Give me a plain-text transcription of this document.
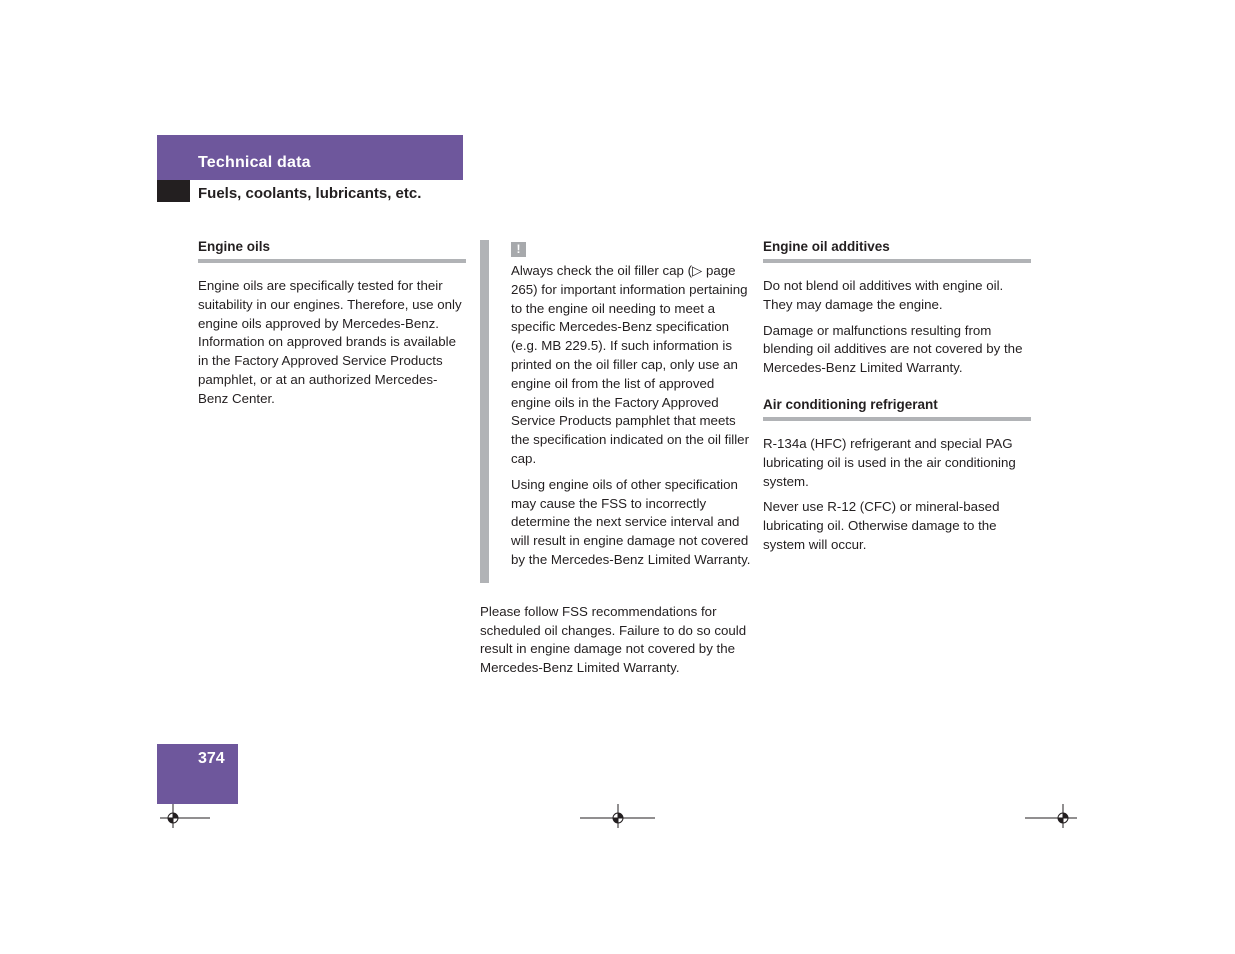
Technical data
Fuels, coolants, lubricants, etc.
Engine oils

Engine oils are specifically tested for their suitability in our engines. Therefore, use only engine oils approved by Mercedes-Benz. Information on approved brands is available in the Factory Approved Service Products pamphlet, or at an authorized Mercedes-Benz Center.

!

Always check the oil filler cap (▷ page 265) for important information pertaining to the engine oil needing to meet a specific Mercedes-Benz specification (e.g. MB 229.5). If such information is printed on the oil filler cap, only use an engine oil from the list of approved engine oils in the Factory Approved Service Products pamphlet that meets the specification indicated on the oil filler cap.

Using engine oils of other specification may cause the FSS to incorrectly determine the next service interval and will result in engine damage not covered by the Mercedes-Benz Limited Warranty.

Please follow FSS recommendations for scheduled oil changes. Failure to do so could result in engine damage not covered by the Mercedes-Benz Limited Warranty.

Engine oil additives

Do not blend oil additives with engine oil. They may damage the engine.

Damage or malfunctions resulting from blending oil additives are not covered by the Mercedes-Benz Limited Warranty.

Air conditioning refrigerant

R-134a (HFC) refrigerant and special PAG lubricating oil is used in the air conditioning system.

Never use R-12 (CFC) or mineral-based lubricating oil. Otherwise damage to the system will occur.

374
